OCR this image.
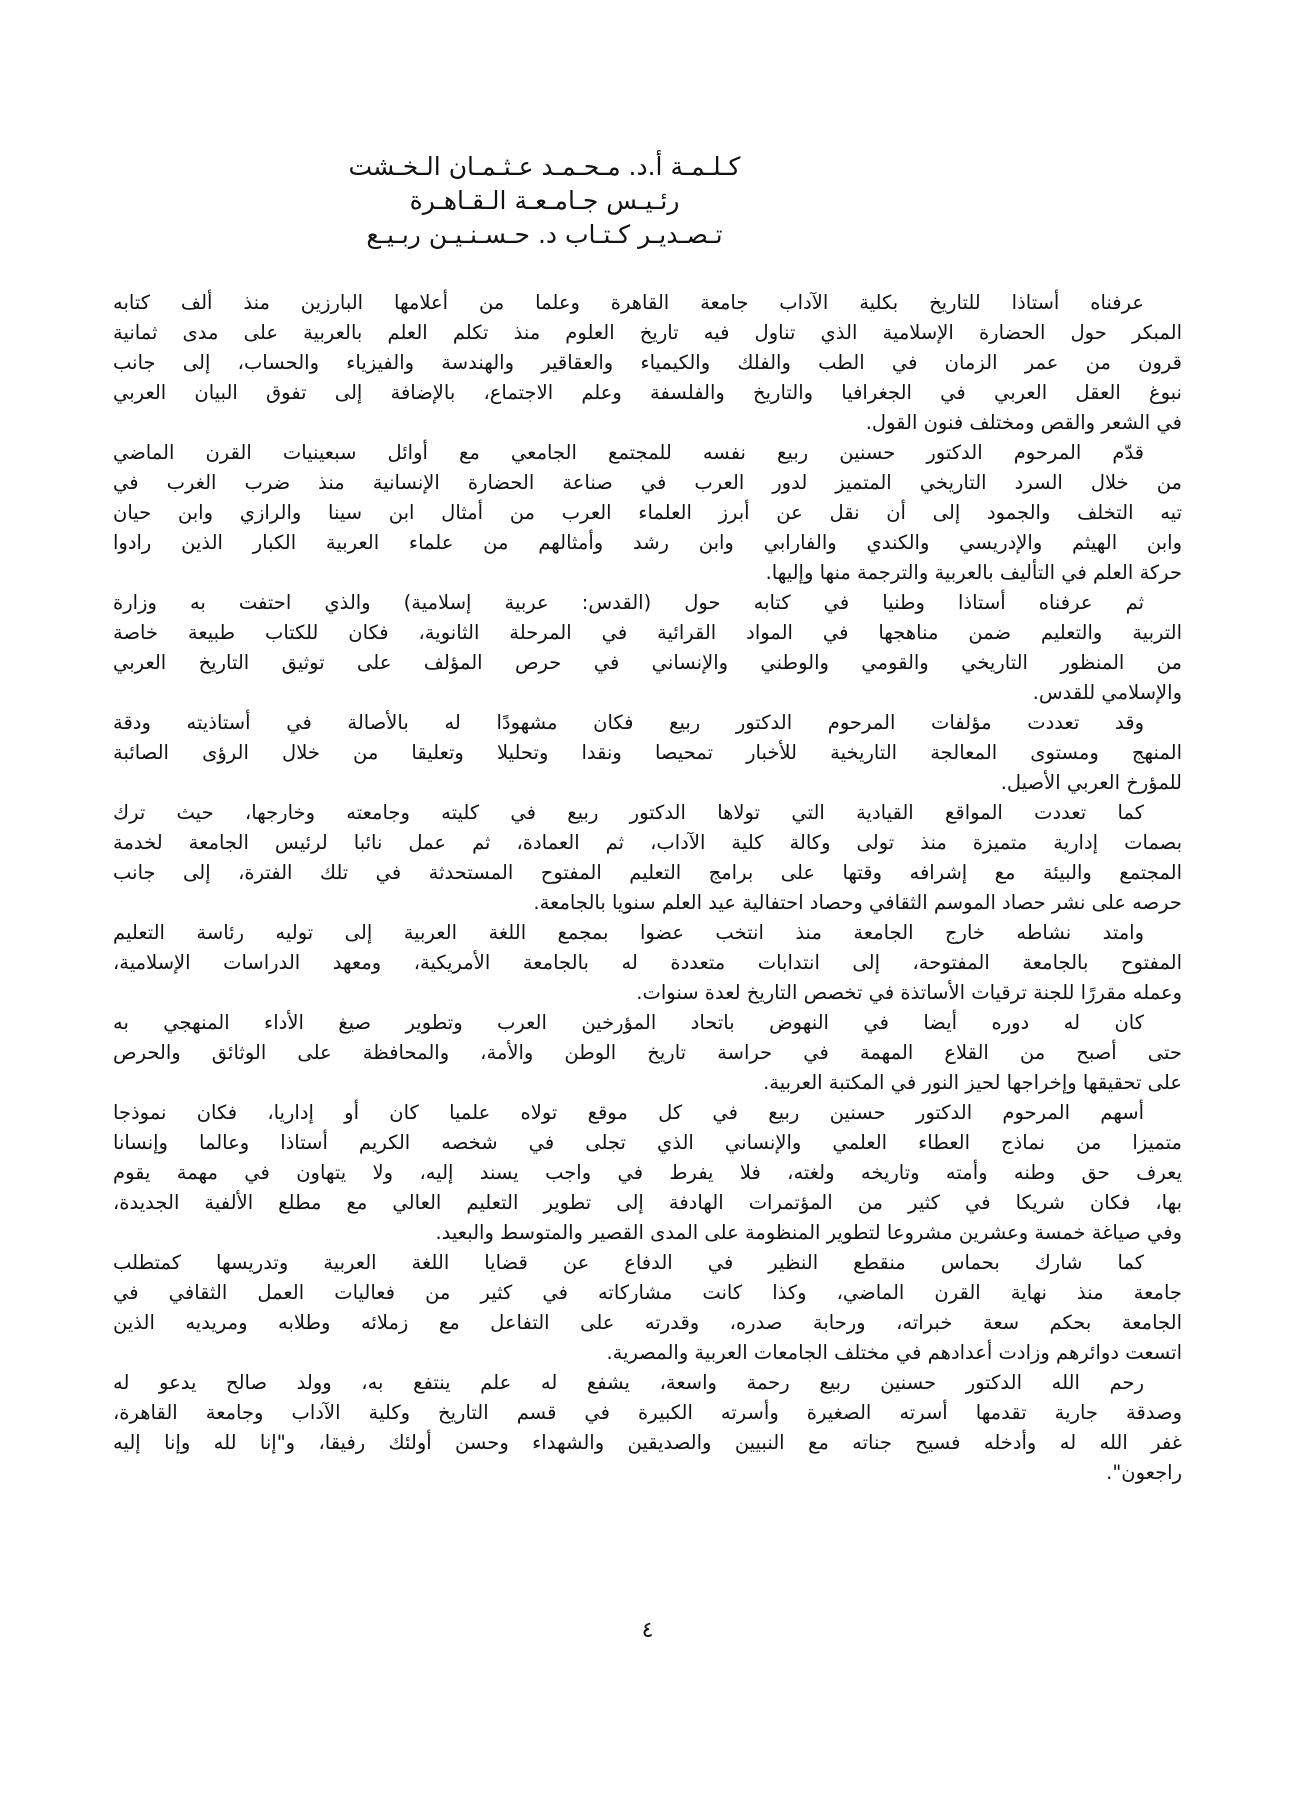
كـلـمـة أ.د. مـحـمـد عـثـمـان الـخـشت
رئـيـس جـامـعـة الـقـاهـرة
تـصـديـر كـتـاب د. حـسـنـيـن ربـيـع
عرفناه أستاذا للتاريخ بكلية الآداب جامعة القاهرة وعلما من أعلامها البارزين منذ ألف كتابه
المبكر حول الحضارة الإسلامية الذي تناول فيه تاريخ العلوم منذ تكلم العلم بالعربية على مدى ثمانية
قرون من عمر الزمان في الطب والفلك والكيمياء والعقاقير والهندسة والفيزياء والحساب، إلى جانب
نبوغ العقل العربي في الجغرافيا والتاريخ والفلسفة وعلم الاجتماع، بالإضافة إلى تفوق البيان العربي
في الشعر والقص ومختلف فنون القول.
قدّم المرحوم الدكتور حسنين ربيع نفسه للمجتمع الجامعي مع أوائل سبعينيات القرن الماضي
من خلال السرد التاريخي المتميز لدور العرب في صناعة الحضارة الإنسانية منذ ضرب الغرب في
تيه التخلف والجمود إلى أن نقل عن أبرز العلماء العرب من أمثال ابن سينا والرازي وابن حيان
وابن الهيثم والإدريسي والكندي والفارابي وابن رشد وأمثالهم من علماء العربية الكبار الذين رادوا
حركة العلم في التأليف بالعربية والترجمة منها وإليها.
ثم عرفناه أستاذا وطنيا في كتابه حول (القدس: عربية إسلامية) والذي احتفت به وزارة
التربية والتعليم ضمن مناهجها في المواد القرائية في المرحلة الثانوية، فكان للكتاب طبيعة خاصة
من المنظور التاريخي والقومي والوطني والإنساني في حرص المؤلف على توثيق التاريخ العربي
والإسلامي للقدس.
وقد تعددت مؤلفات المرحوم الدكتور ربيع فكان مشهودًا له بالأصالة في أستاذيته ودقة
المنهج ومستوى المعالجة التاريخية للأخبار تمحيصا ونقدا وتحليلا وتعليقا من خلال الرؤى الصائبة
للمؤرخ العربي الأصيل.
كما تعددت المواقع القيادية التي تولاها الدكتور ربيع في كليته وجامعته وخارجها، حيث ترك
بصمات إدارية متميزة منذ تولى وكالة كلية الآداب، ثم العمادة، ثم عمل نائبا لرئيس الجامعة لخدمة
المجتمع والبيئة مع إشرافه وقتها على برامج التعليم المفتوح المستحدثة في تلك الفترة، إلى جانب
حرصه على نشر حصاد الموسم الثقافي وحصاد احتفالية عيد العلم سنويا بالجامعة.
وامتد نشاطه خارج الجامعة منذ انتخب عضوا بمجمع اللغة العربية إلى توليه رئاسة التعليم
المفتوح بالجامعة المفتوحة، إلى انتدابات متعددة له بالجامعة الأمريكية، ومعهد الدراسات الإسلامية،
وعمله مقررًا للجنة ترقيات الأساتذة في تخصص التاريخ لعدة سنوات.
كان له دوره أيضا في النهوض باتحاد المؤرخين العرب وتطوير صيغ الأداء المنهجي به
حتى أصبح من القلاع المهمة في حراسة تاريخ الوطن والأمة، والمحافظة على الوثائق والحرص
على تحقيقها وإخراجها لحيز النور في المكتبة العربية.
أسهم المرحوم الدكتور حسنين ربيع في كل موقع تولاه علميا كان أو إداريا، فكان نموذجا
متميزا من نماذج العطاء العلمي والإنساني الذي تجلى في شخصه الكريم أستاذا وعالما وإنسانا
يعرف حق وطنه وأمته وتاريخه ولغته، فلا يفرط في واجب يسند إليه، ولا يتهاون في مهمة يقوم
بها، فكان شريكا في كثير من المؤتمرات الهادفة إلى تطوير التعليم العالي مع مطلع الألفية الجديدة،
وفي صياغة خمسة وعشرين مشروعا لتطوير المنظومة على المدى القصير والمتوسط والبعيد.
كما شارك بحماس منقطع النظير في الدفاع عن قضايا اللغة العربية وتدريسها كمتطلب
جامعة منذ نهاية القرن الماضي، وكذا كانت مشاركاته في كثير من فعاليات العمل الثقافي في
الجامعة بحكم سعة خبراته، ورحابة صدره، وقدرته على التفاعل مع زملائه وطلابه ومريديه الذين
اتسعت دوائرهم وزادت أعدادهم في مختلف الجامعات العربية والمصرية.
رحم الله الدكتور حسنين ربيع رحمة واسعة، يشفع له علم ينتفع به، وولد صالح يدعو له
وصدقة جارية تقدمها أسرته الصغيرة وأسرته الكبيرة في قسم التاريخ وكلية الآداب وجامعة القاهرة،
غفر الله له وأدخله فسيح جناته مع النبيين والصديقين والشهداء وحسن أولئك رفيقا، و"إنا لله وإنا إليه
راجعون".
٤
